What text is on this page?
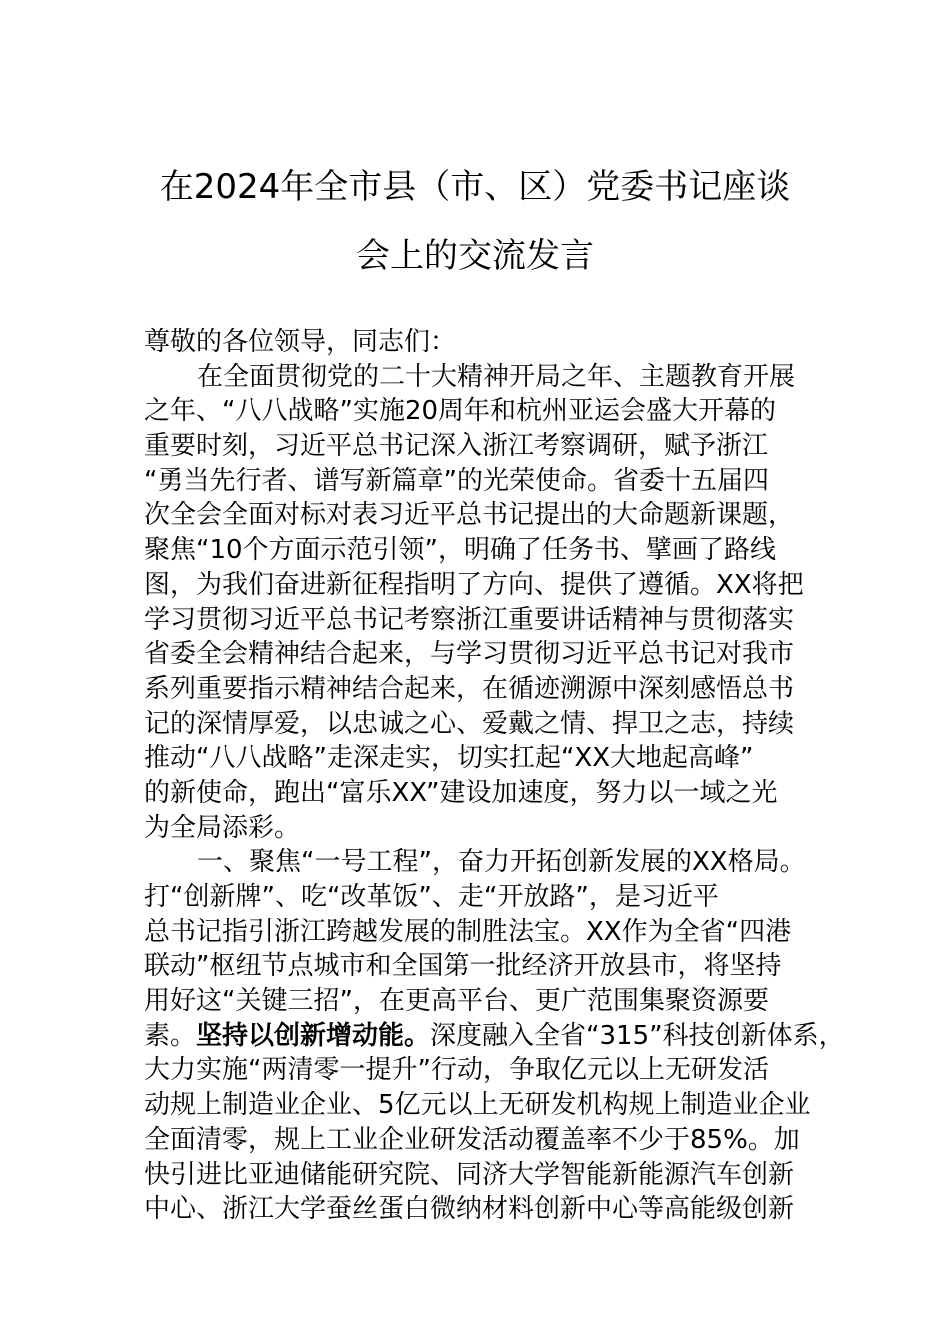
在2024年全市县（市、区）党委书记座谈
会上的交流发言
尊敬的各位领导，同志们：
在全面贯彻党的二十大精神开局之年、主题教育开展
之年、“八八战略”实施20周年和杭州亚运会盛大开幕的
重要时刻，习近平总书记深入浙江考察调研，赋予浙江
“勇当先行者、谱写新篇章”的光荣使命。省委十五届四
次全会全面对标对表习近平总书记提出的大命题新课题，
聚焦“10个方面示范引领”，明确了任务书、擘画了路线
图，为我们奋进新征程指明了方向、提供了遵循。XX将把
学习贯彻习近平总书记考察浙江重要讲话精神与贯彻落实
省委全会精神结合起来，与学习贯彻习近平总书记对我市
系列重要指示精神结合起来，在循迹溯源中深刻感悟总书
记的深情厚爱，以忠诚之心、爱戴之情、捍卫之志，持续
推动“八八战略”走深走实，切实扛起“XX大地起高峰”
的新使命，跑出“富乐XX”建设加速度，努力以一域之光
为全局添彩。
一、聚焦“一号工程”，奋力开拓创新发展的XX格局。
打“创新牌”、吃“改革饭”、走“开放路”，是习近平
总书记指引浙江跨越发展的制胜法宝。XX作为全省“四港
联动”枢纽节点城市和全国第一批经济开放县市，将坚持
用好这“关键三招”，在更高平台、更广范围集聚资源要
素。坚持以创新增动能。深度融入全省“315”科技创新体系，
大力实施“两清零一提升”行动，争取亿元以上无研发活
动规上制造业企业、5亿元以上无研发机构规上制造业企业
全面清零，规上工业企业研发活动覆盖率不少于85%。加
快引进比亚迪储能研究院、同济大学智能新能源汽车创新
中心、浙江大学蚕丝蛋白微纳材料创新中心等高能级创新
